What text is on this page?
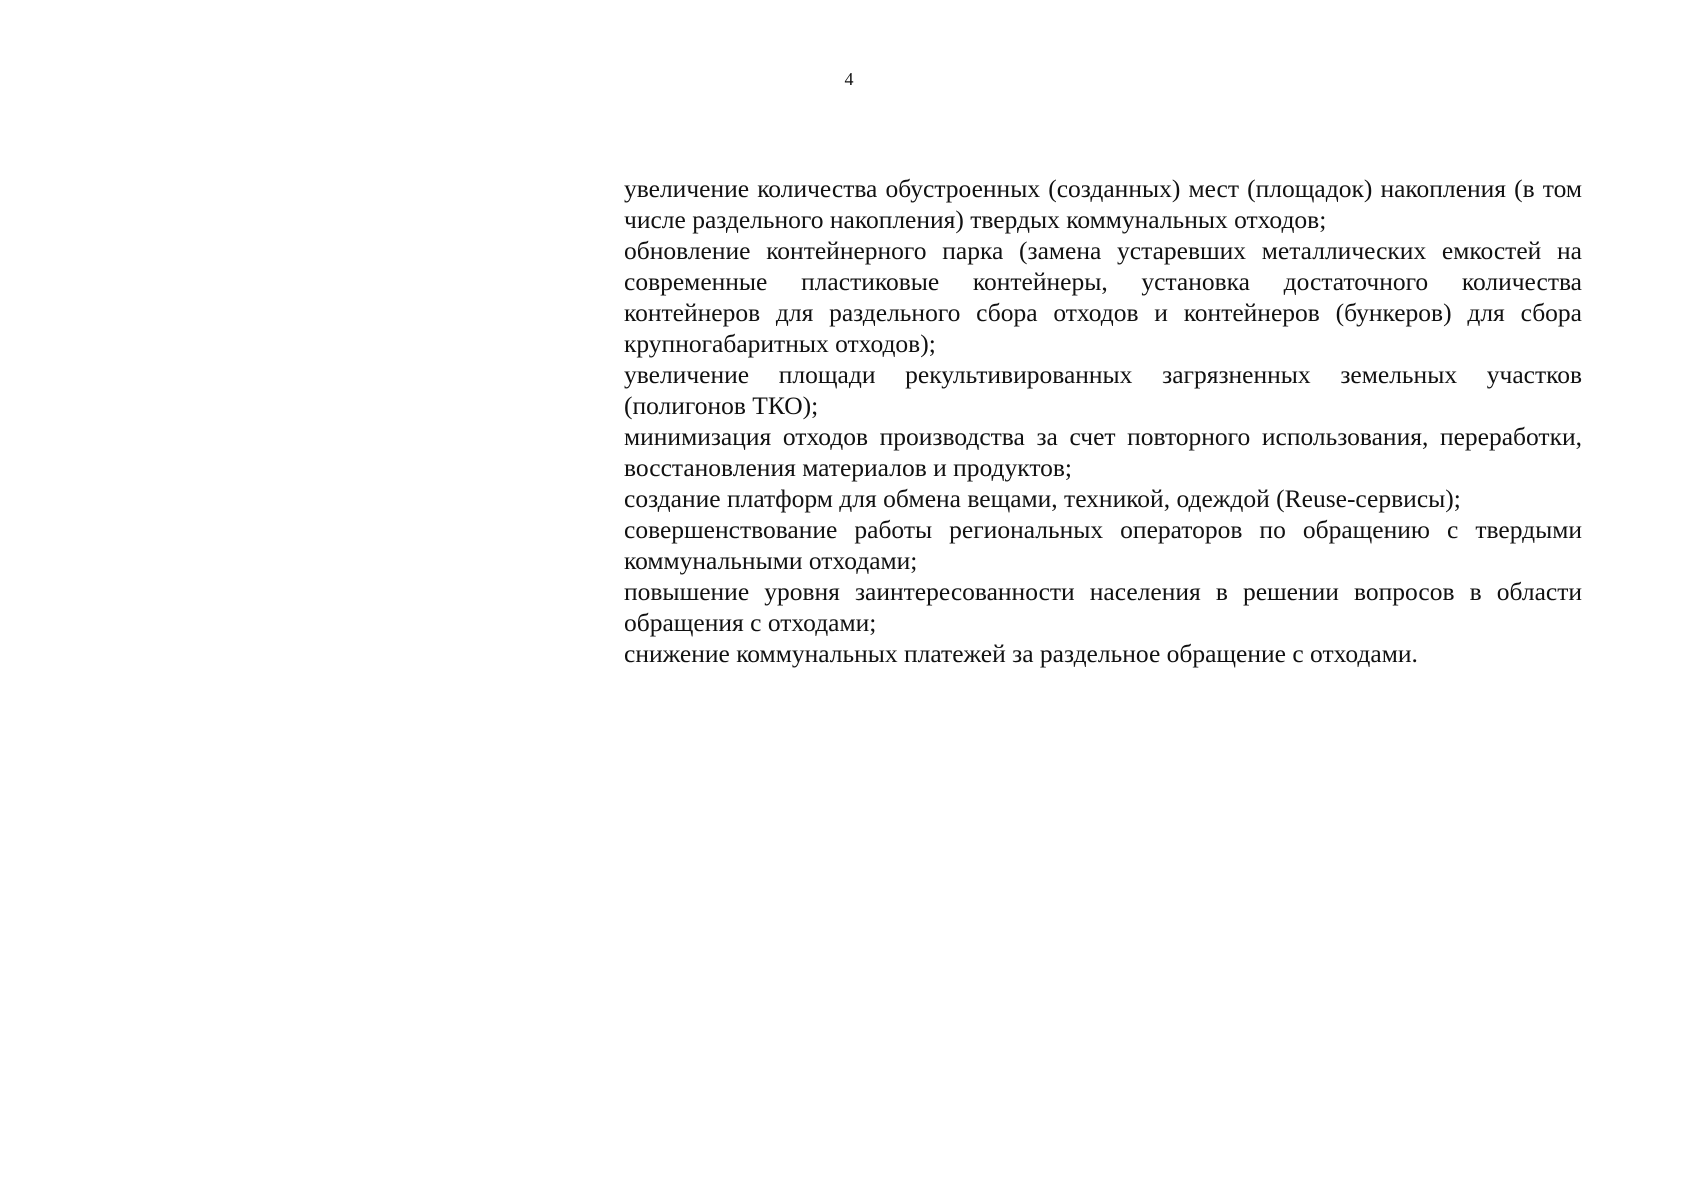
4

увеличение количества обустроенных (созданных) мест (площадок) накопления (в том числе раздельного накопления) твердых коммунальных отходов;

обновление контейнерного парка (замена устаревших металлических емкостей на современные пластиковые контейнеры, установка достаточного количества контейнеров для раздельного сбора отходов и контейнеров (бункеров) для сбора крупногабаритных отходов);

увеличение площади рекультивированных загрязненных земельных участков (полигонов ТКО);

минимизация отходов производства за счет повторного использования, переработки, восстановления материалов и продуктов;

создание платформ для обмена вещами, техникой, одеждой (Reuse-сервисы);

совершенствование работы региональных операторов по обращению с твердыми коммунальными отходами;

повышение уровня заинтересованности населения в решении вопросов в области обращения с отходами;

снижение коммунальных платежей за раздельное обращение с отходами.
